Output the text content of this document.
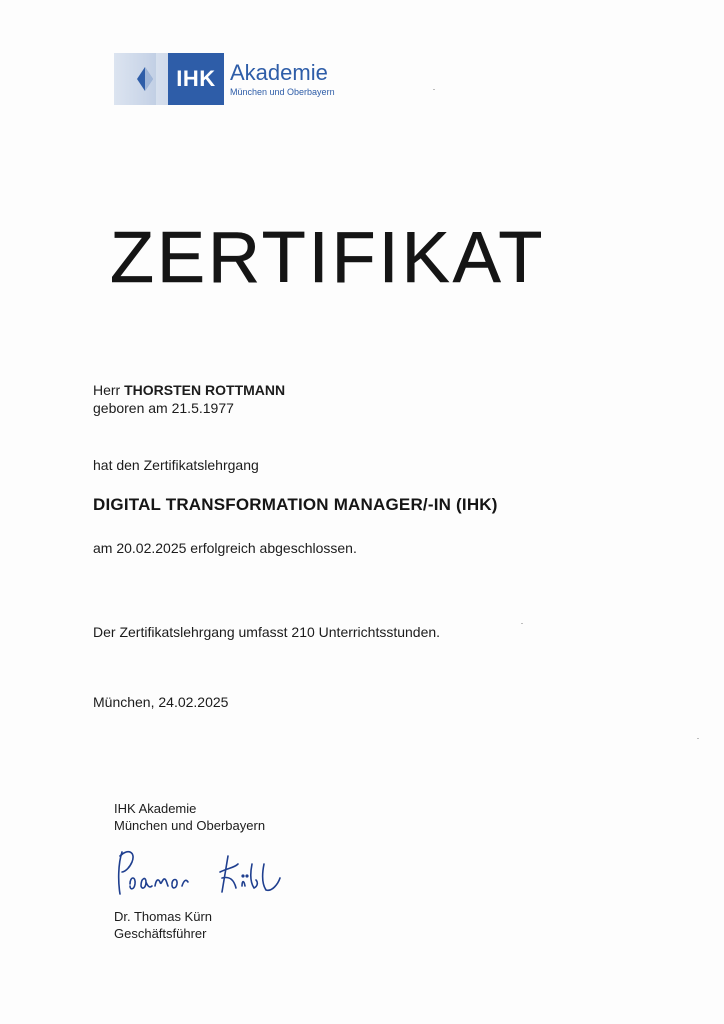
IHK Akademie
München und Oberbayern
ZERTIFIKAT
Herr THORSTEN ROTTMANN
geboren am 21.5.1977
hat den Zertifikatslehrgang
DIGITAL TRANSFORMATION MANAGER/-IN (IHK)
am 20.02.2025 erfolgreich abgeschlossen.
Der Zertifikatslehrgang umfasst 210 Unterrichtsstunden.
München, 24.02.2025
IHK Akademie
München und Oberbayern
Dr. Thomas Kürn
Geschäftsführer
